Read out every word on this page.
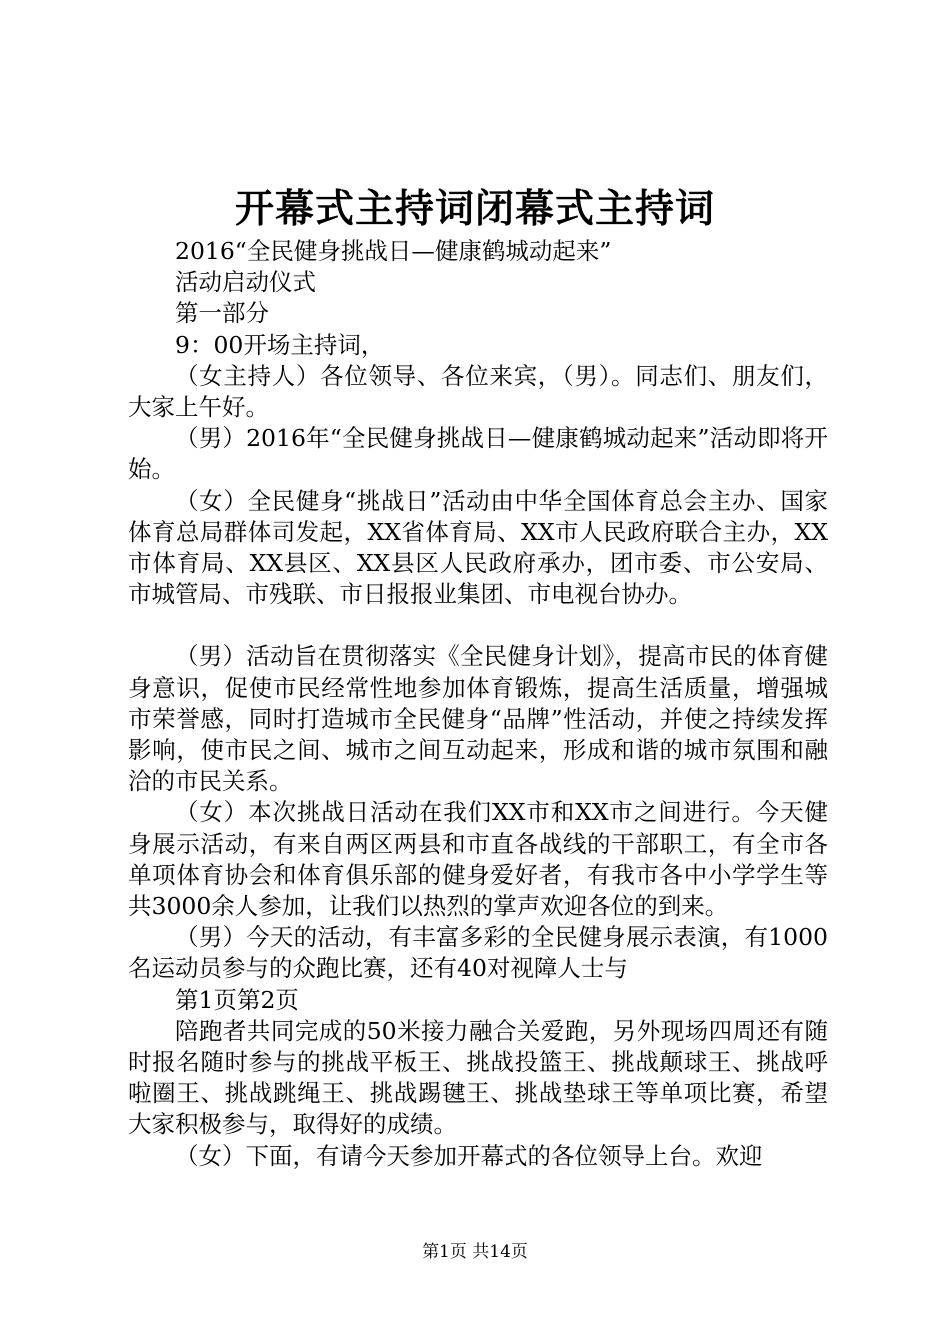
开幕式主持词闭幕式主持词

2016“全民健身挑战日—健康鹤城动起来”

活动启动仪式

第一部分

9：00开场主持词，

（女主持人）各位领导、各位来宾，（男）。同志们、朋友们，大家上午好。

（男）2016年“全民健身挑战日—健康鹤城动起来”活动即将开始。

（女）全民健身“挑战日”活动由中华全国体育总会主办、国家体育总局群体司发起，XX省体育局、XX市人民政府联合主办，XX市体育局、XX县区、XX县区人民政府承办，团市委、市公安局、市城管局、市残联、市日报报业集团、市电视台协办。

（男）活动旨在贯彻落实《全民健身计划》，提高市民的体育健身意识，促使市民经常性地参加体育锻炼，提高生活质量，增强城市荣誉感，同时打造城市全民健身“品牌”性活动，并使之持续发挥影响，使市民之间、城市之间互动起来，形成和谐的城市氛围和融洽的市民关系。

（女）本次挑战日活动在我们XX市和XX市之间进行。今天健身展示活动，有来自两区两县和市直各战线的干部职工，有全市各单项体育协会和体育俱乐部的健身爱好者，有我市各中小学学生等共3000余人参加，让我们以热烈的掌声欢迎各位的到来。

（男）今天的活动，有丰富多彩的全民健身展示表演，有1000名运动员参与的众跑比赛，还有40对视障人士与

第1页第2页

陪跑者共同完成的50米接力融合关爱跑，另外现场四周还有随时报名随时参与的挑战平板王、挑战投篮王、挑战颠球王、挑战呼啦圈王、挑战跳绳王、挑战踢毽王、挑战垫球王等单项比赛，希望大家积极参与，取得好的成绩。

（女）下面，有请今天参加开幕式的各位领导上台。欢迎

第1页 共14页
